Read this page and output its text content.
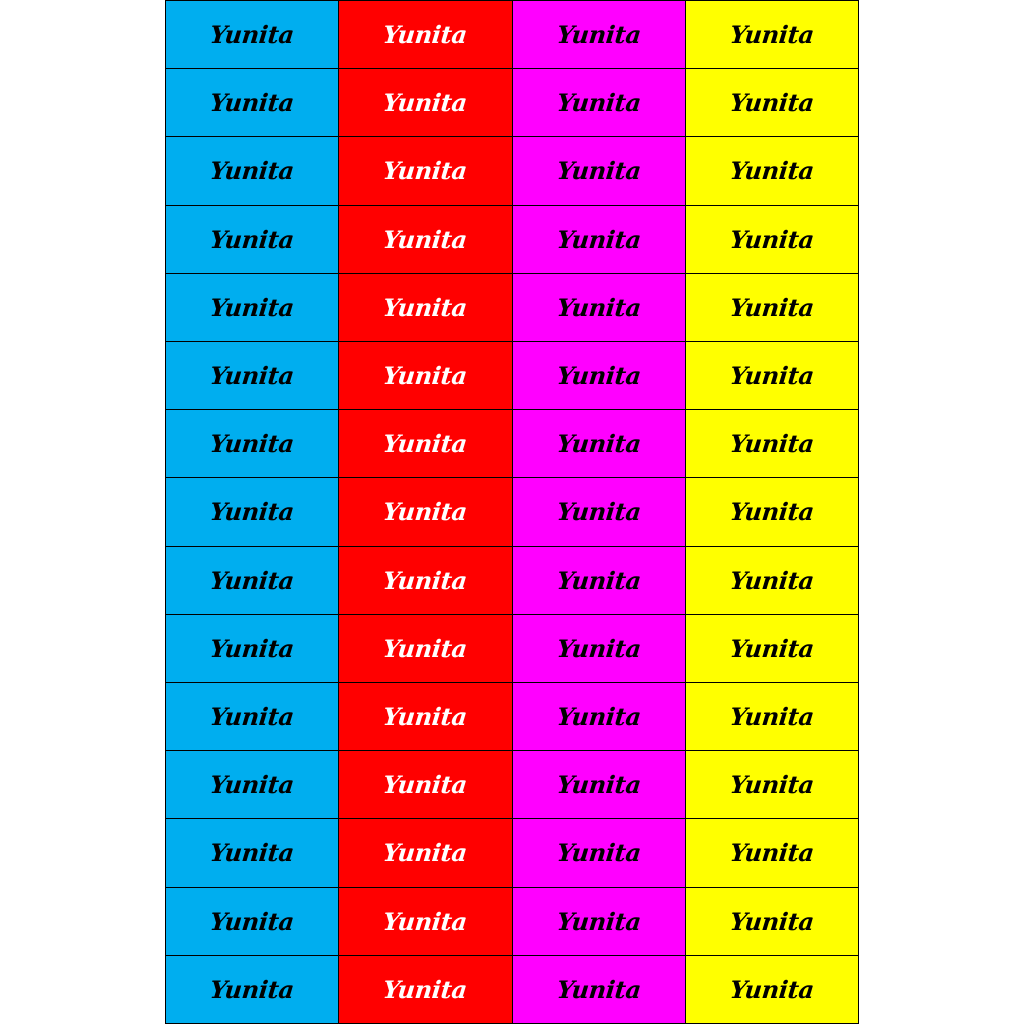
Yunita	Yunita	Yunita	Yunita
Yunita	Yunita	Yunita	Yunita
Yunita	Yunita	Yunita	Yunita
Yunita	Yunita	Yunita	Yunita
Yunita	Yunita	Yunita	Yunita
Yunita	Yunita	Yunita	Yunita
Yunita	Yunita	Yunita	Yunita
Yunita	Yunita	Yunita	Yunita
Yunita	Yunita	Yunita	Yunita
Yunita	Yunita	Yunita	Yunita
Yunita	Yunita	Yunita	Yunita
Yunita	Yunita	Yunita	Yunita
Yunita	Yunita	Yunita	Yunita
Yunita	Yunita	Yunita	Yunita
Yunita	Yunita	Yunita	Yunita
